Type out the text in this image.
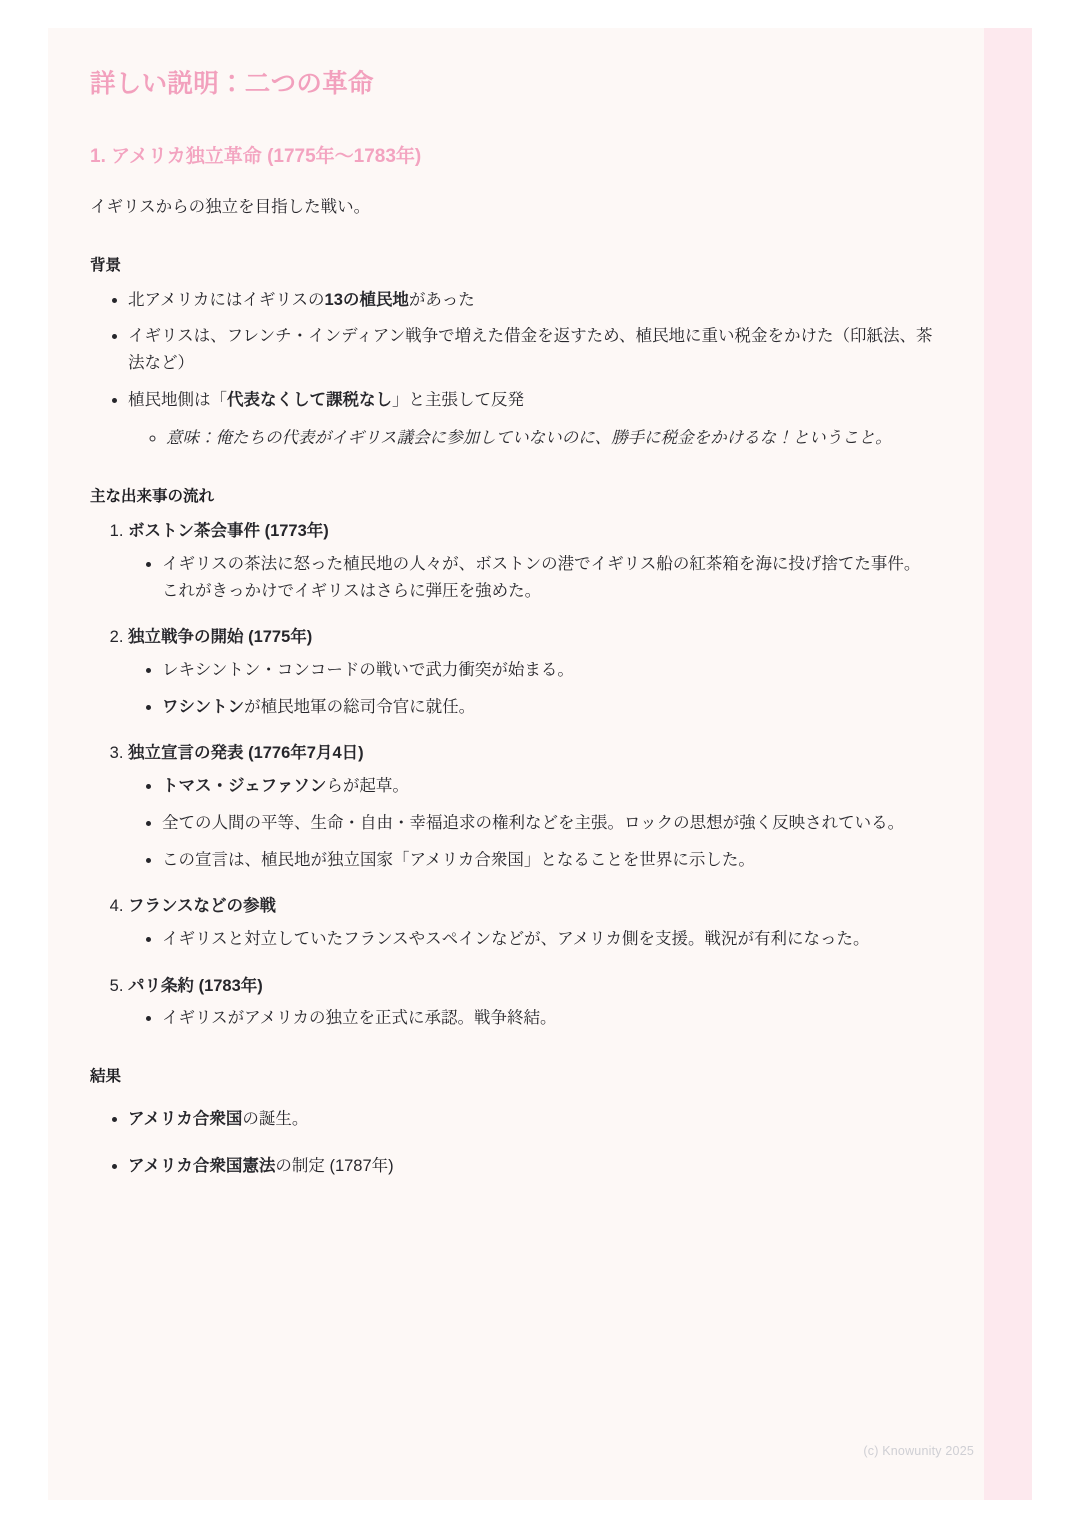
詳しい説明：二つの革命
1. アメリカ独立革命 (1775年〜1783年)

イギリスからの独立を目指した戦い。

背景
• 北アメリカにはイギリスの13の植民地があった
• イギリスは、フレンチ・インディアン戦争で増えた借金を返すため、植民地に重い税金をかけた（印紙法、茶法など）
• 植民地側は「代表なくして課税なし」と主張して反発
◦ 意味：俺たちの代表がイギリス議会に参加していないのに、勝手に税金をかけるな！ということ。
主な出来事の流れ
1. ボストン茶会事件 (1773年)
• イギリスの茶法に怒った植民地の人々が、ボストンの港でイギリス船の紅茶箱を海に投げ捨てた事件。これがきっかけでイギリスはさらに弾圧を強めた。
2. 独立戦争の開始 (1775年)
• レキシントン・コンコードの戦いで武力衝突が始まる。
• ワシントンが植民地軍の総司令官に就任。
3. 独立宣言の発表 (1776年7月4日)
• トマス・ジェファソンらが起草。
• 全ての人間の平等、生命・自由・幸福追求の権利などを主張。ロックの思想が強く反映されている。
• この宣言は、植民地が独立国家「アメリカ合衆国」となることを世界に示した。
4. フランスなどの参戦
• イギリスと対立していたフランスやスペインなどが、アメリカ側を支援。戦況が有利になった。
5. パリ条約 (1783年)
• イギリスがアメリカの独立を正式に承認。戦争終結。
結果
• アメリカ合衆国の誕生。
• アメリカ合衆国憲法の制定 (1787年)
(c) Knowunity 2025
